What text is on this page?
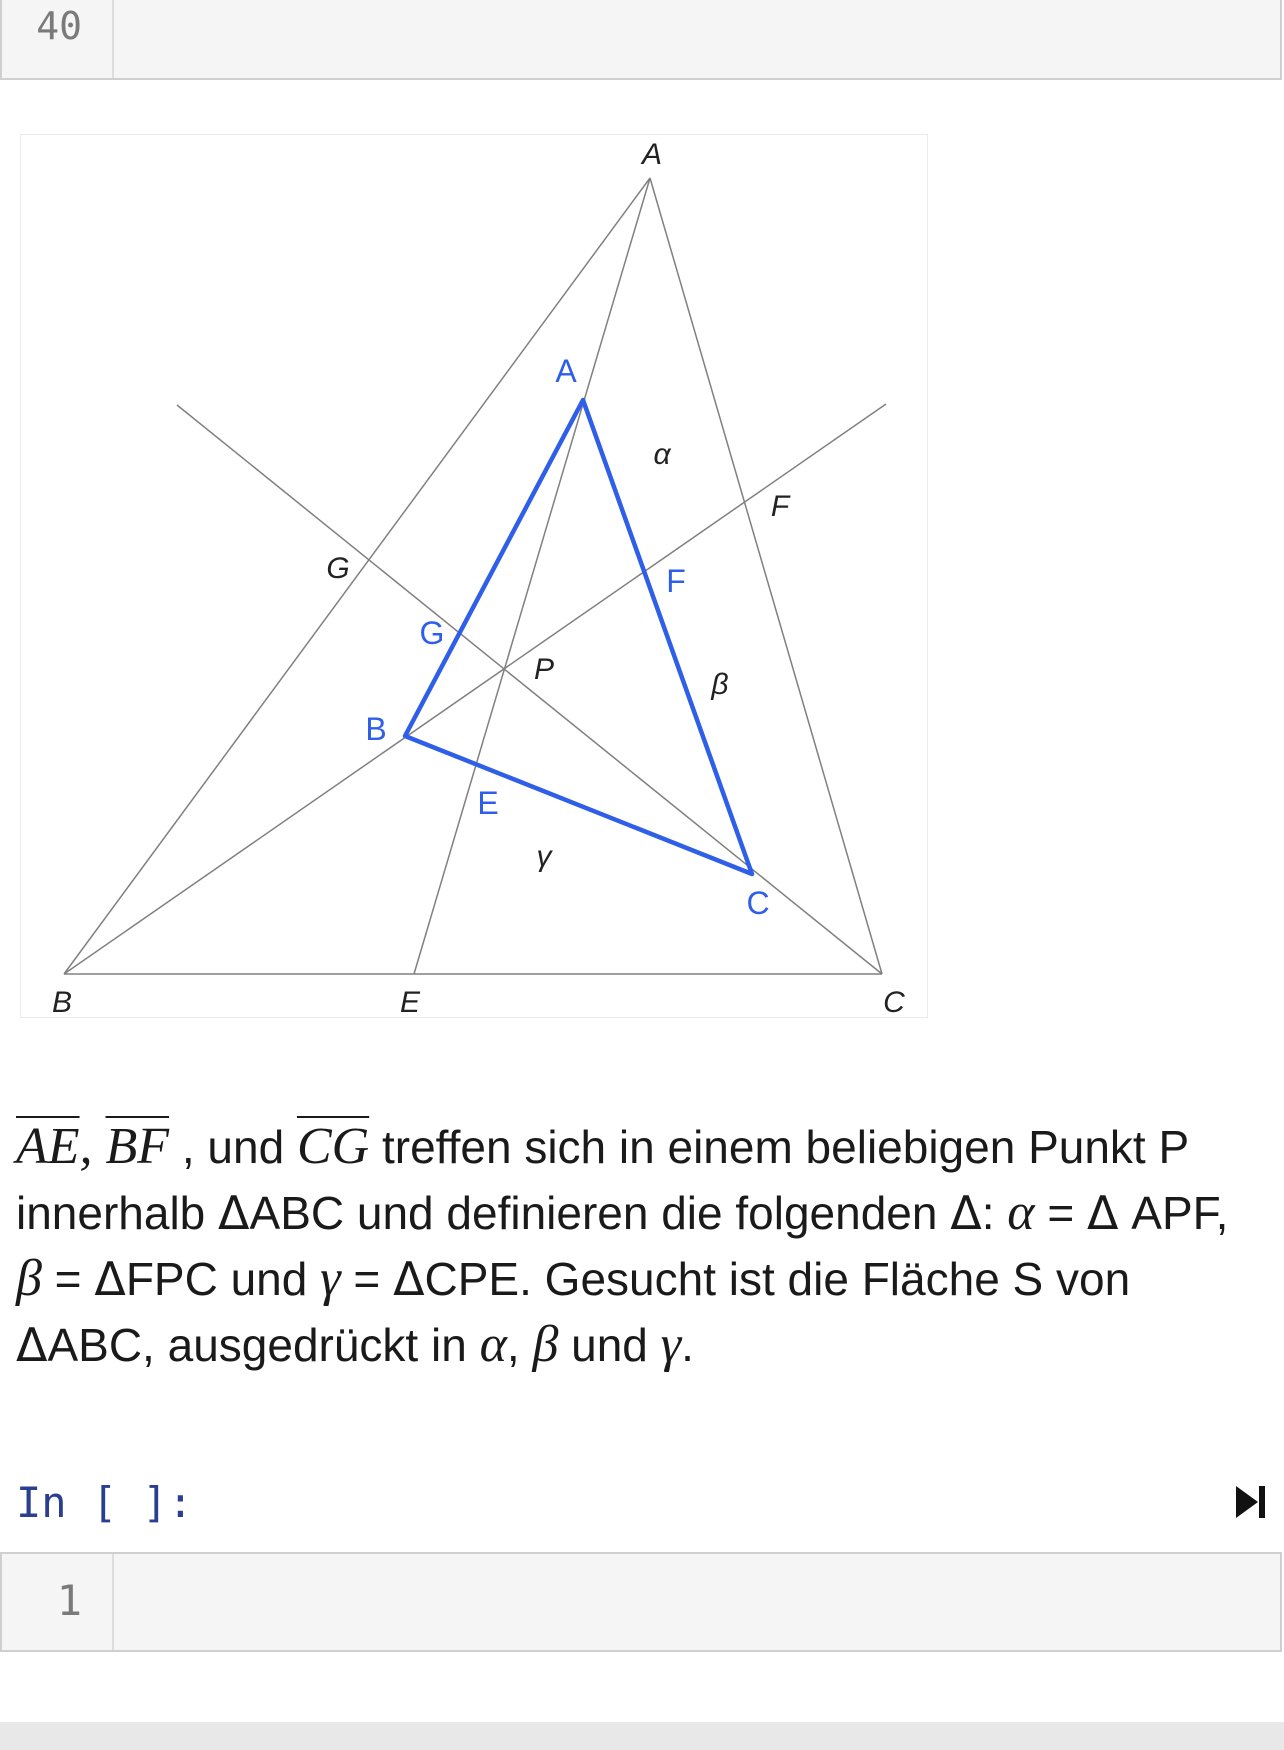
40
A
B	C
E
F
G
A
B
C
E
F
G
P
α
β
γ
$\overline{AE}$, $\overline{BF}$ , und $\overline{CG}$ treffen sich in einem beliebigen Punkt P innerhalb ΔABC und definieren die folgenden Δ: α = Δ APF, β = ΔFPC und γ = ΔCPE. Gesucht ist die Fläche S von ΔABC, ausgedrückt in α, β und γ.
In [ ]:
1
